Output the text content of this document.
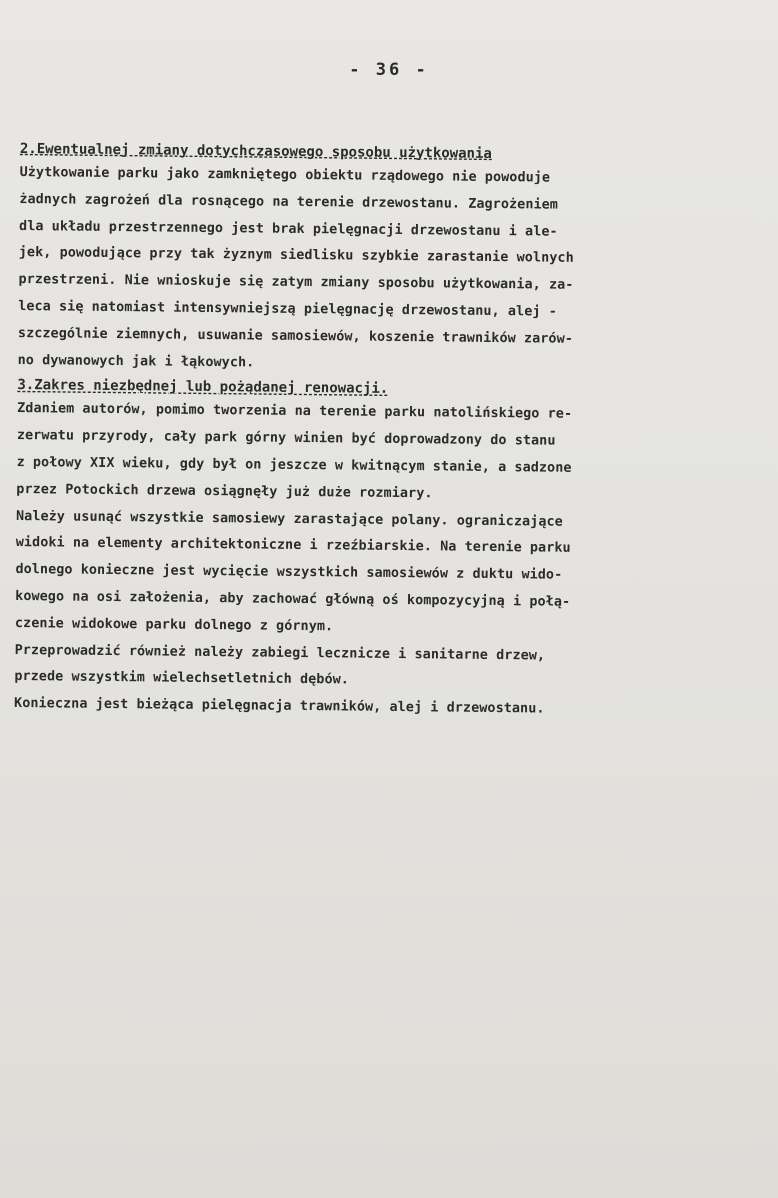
- 36 -
2.Ewentualnej zmiany dotychczasowego sposobu użytkowania

Użytkowanie parku jako zamkniętego obiektu rządowego nie powoduje
żadnych zagrożeń dla rosnącego na terenie drzewostanu. Zagrożeniem
dla układu przestrzennego jest brak pielęgnacji drzewostanu i ale-
jek, powodujące przy tak żyznym siedlisku szybkie zarastanie wolnych
przestrzeni. Nie wnioskuje się zatym zmiany sposobu użytkowania, za-
leca się natomiast intensywniejszą pielęgnację drzewostanu, alej -
szczególnie ziemnych, usuwanie samosiewów, koszenie trawników zarów-
no dywanowych jak i łąkowych.

3.Zakres niezbędnej lub pożądanej renowacji.

Zdaniem autorów, pomimo tworzenia na terenie parku natolińskiego re-
zerwatu przyrody, cały park górny winien być doprowadzony do stanu
z połowy XIX wieku, gdy był on jeszcze w kwitnącym stanie, a sadzone
przez Potockich drzewa osiągnęły już duże rozmiary.

Należy usunąć wszystkie samosiewy zarastające polany. ograniczające
widoki na elementy architektoniczne i rzeźbiarskie. Na terenie parku
dolnego konieczne jest wycięcie wszystkich samosiewów z duktu wido-
kowego na osi założenia, aby zachować główną oś kompozycyjną i połą-
czenie widokowe parku dolnego z górnym.

Przeprowadzić również należy zabiegi lecznicze i sanitarne drzew,
przede wszystkim wielechsetletnich dębów.

Konieczna jest bieżąca pielęgnacja trawników, alej i drzewostanu.
